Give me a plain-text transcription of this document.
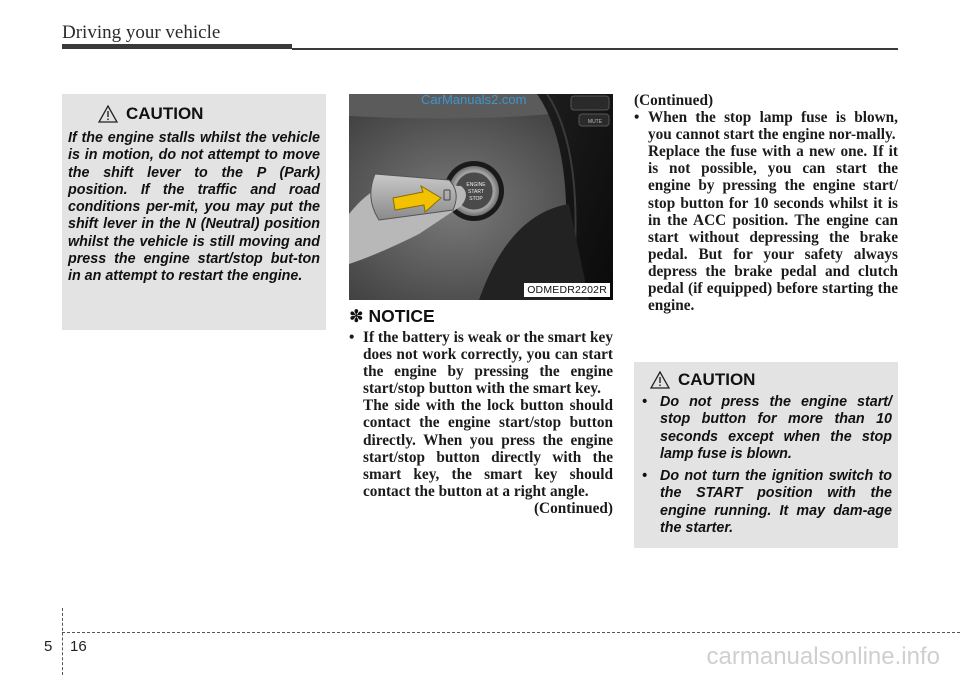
Driving your vehicle
CAUTION
If the engine stalls whilst the vehicle is in motion, do not attempt to move the shift lever to the P (Park) position. If the traffic and road conditions per-mit, you may put the shift lever in the N (Neutral) position whilst the vehicle is still moving and press the engine start/stop but-ton in an attempt to restart the engine.
MUTE
ENGINE
START
STOP
CarManuals2.com
ODMEDR2202R
✽ NOTICE
• If the battery is weak or the smart key does not work correctly, you can start the engine by pressing the engine start/stop button with the smart key.
The side with the lock button should contact the engine start/stop button directly. When you press the engine start/stop button directly with the smart key, the smart key should contact the button at a right angle.
(Continued)
(Continued)
• When the stop lamp fuse is blown, you cannot start the engine nor-mally.
Replace the fuse with a new one. If it is not possible, you can start the engine by pressing the engine start/ stop button for 10 seconds whilst it is in the ACC position. The engine can start without depressing the brake pedal. But for your safety always depress the brake pedal and clutch pedal (if equipped) before starting the engine.
CAUTION
• Do not press the engine start/ stop button for more than 10 seconds except when the stop lamp fuse is blown.
• Do not turn the ignition switch to the START position with the engine running. It may dam-age the starter.
5 16	carmanualsonline.info
